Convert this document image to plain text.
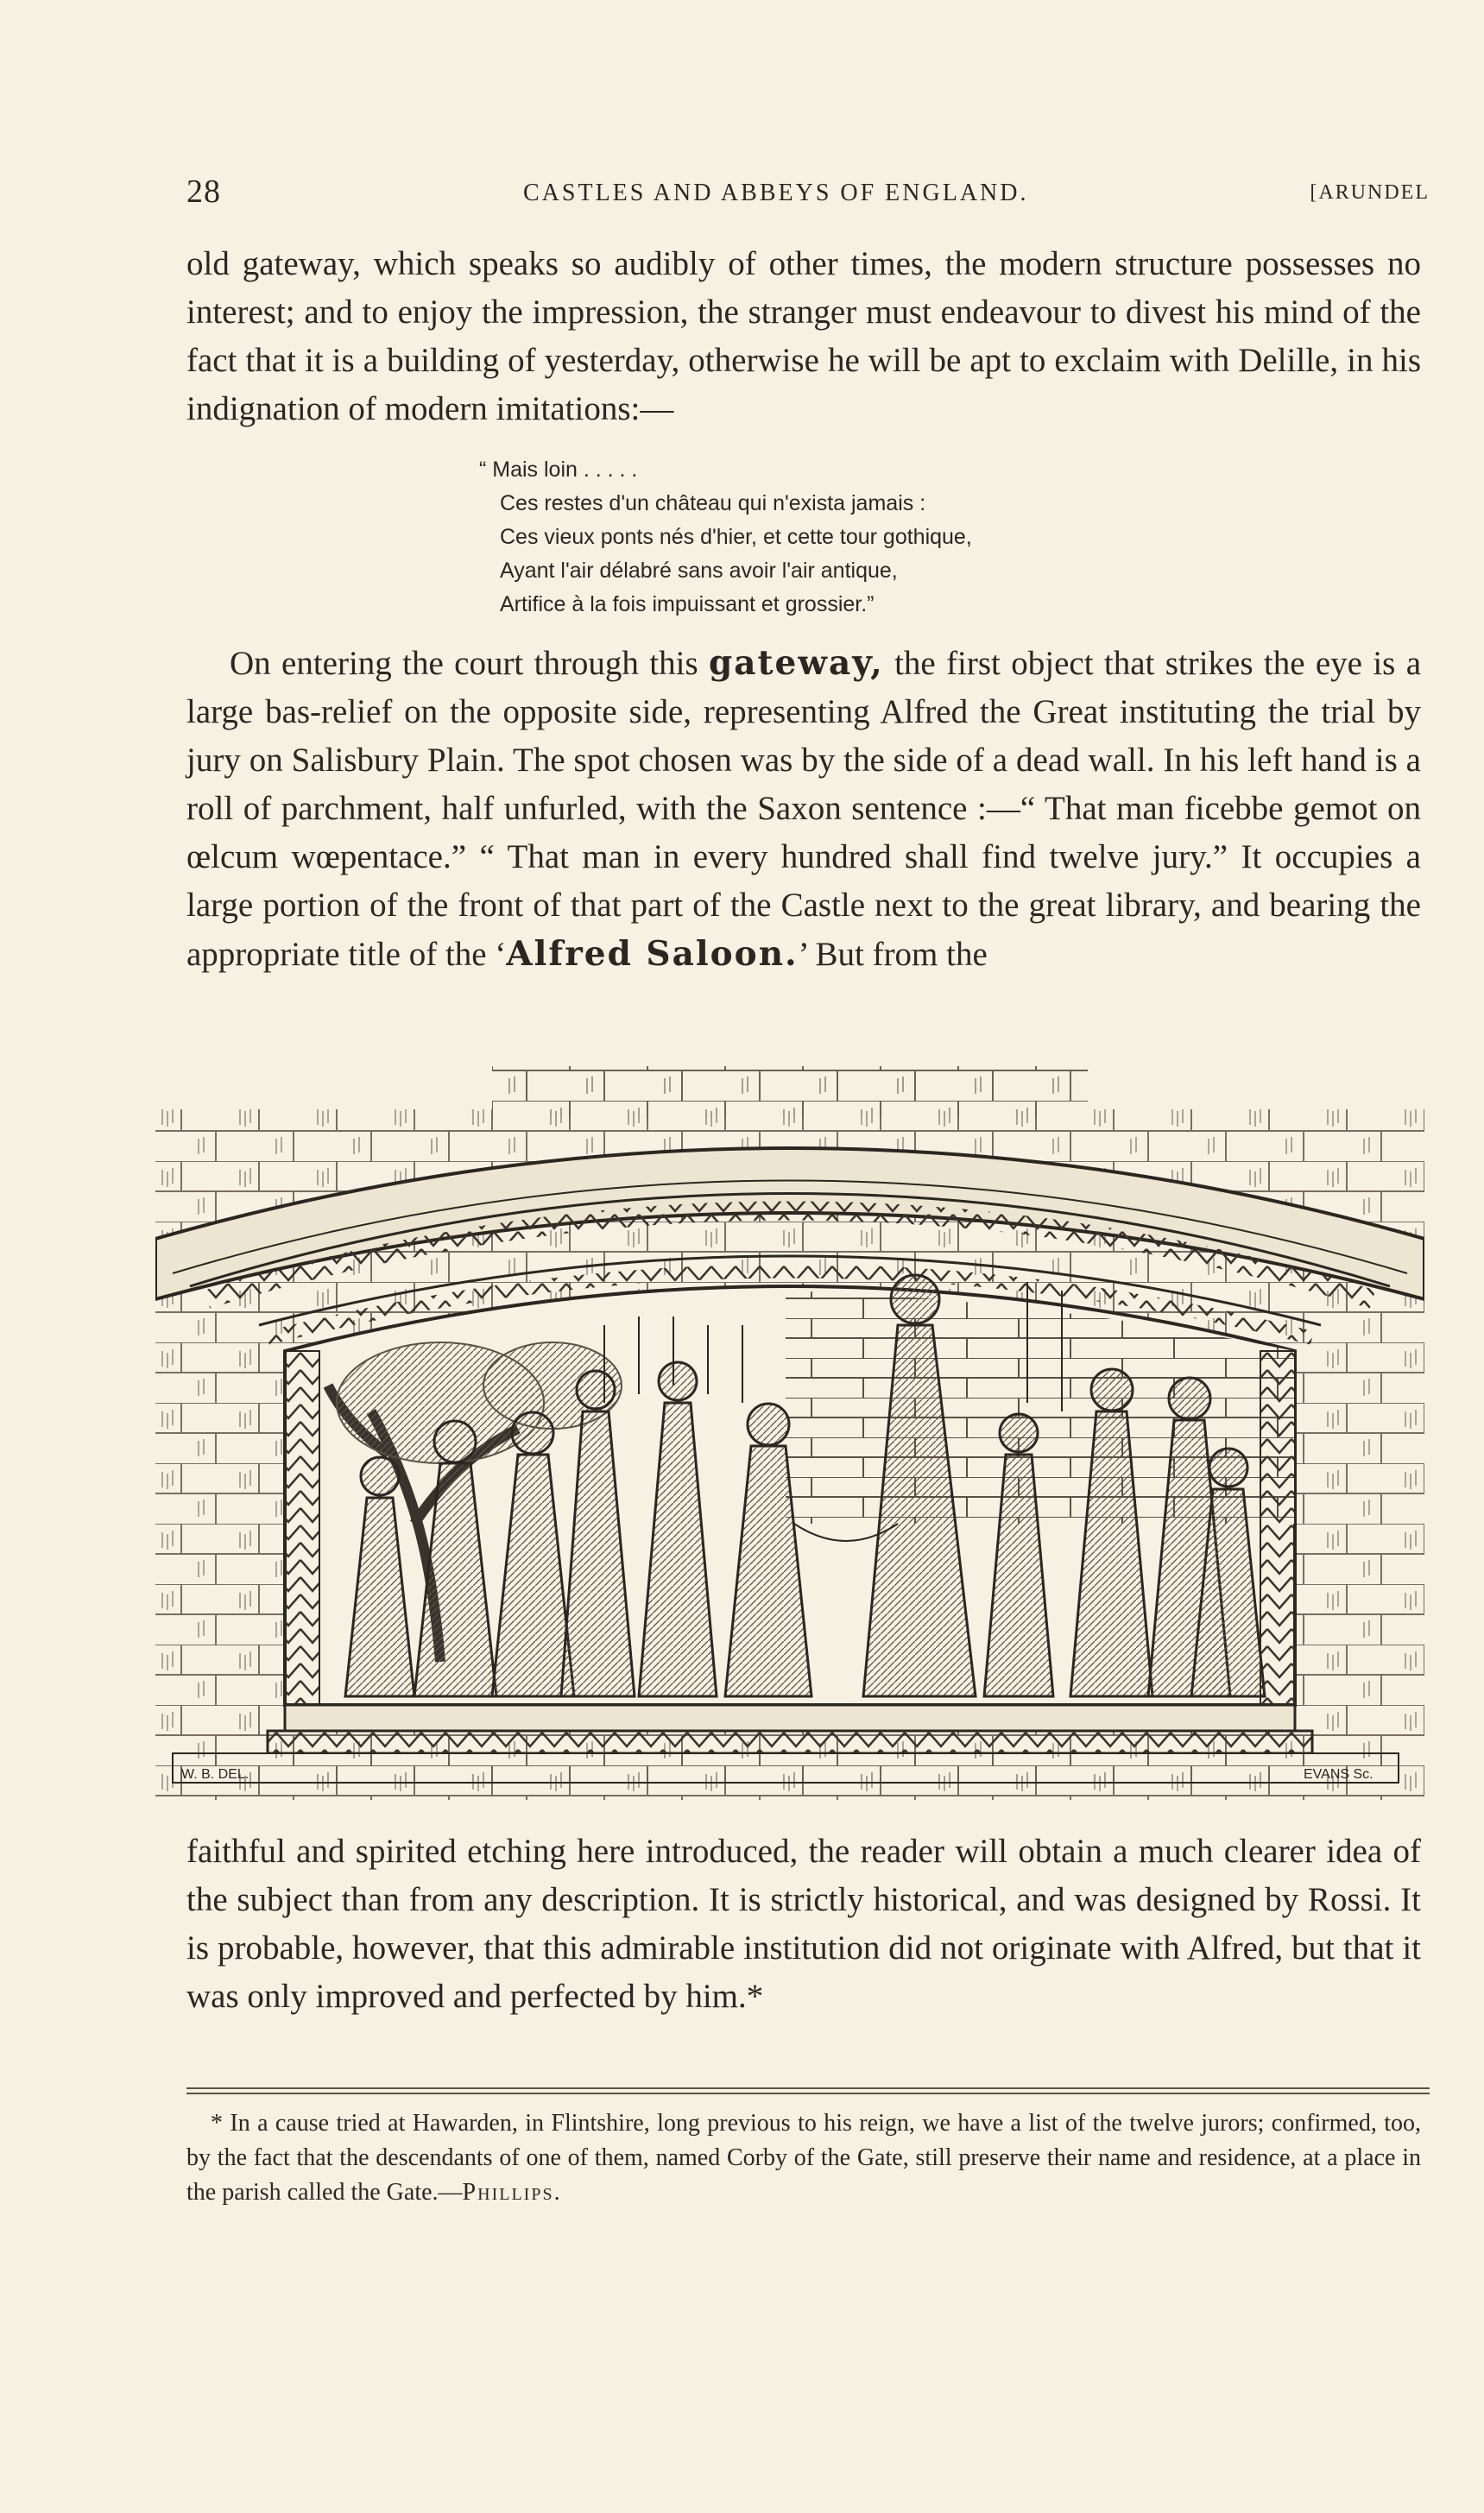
28	CASTLES AND ABBEYS OF ENGLAND.	[ARUNDEL

old gateway, which speaks so audibly of other times, the modern structure possesses no interest; and to enjoy the impression, the stranger must endeavour to divest his mind of the fact that it is a building of yesterday, otherwise he will be apt to exclaim with Delille, in his indignation of modern imitations:—

“ Mais loin . . . . .
Ces restes d'un château qui n'exista jamais :
Ces vieux ponts nés d'hier, et cette tour gothique,
Ayant l'air délabré sans avoir l'air antique,
Artifice à la fois impuissant et grossier.”

On entering the court through this gateway, the first object that strikes the eye is a large bas-relief on the opposite side, representing Alfred the Great instituting the trial by jury on Salisbury Plain. The spot chosen was by the side of a dead wall. In his left hand is a roll of parchment, half unfurled, with the Saxon sentence :—“ That man ficebbe gemot on œlcum wœpentace.” “ That man in every hundred shall find twelve jury.” It occupies a large portion of the front of that part of the Castle next to the great library, and bearing the appropriate title of the ‘Alfred Saloon.’ But from the

W. B. DEL.	EVANS Sc.

faithful and spirited etching here introduced, the reader will obtain a much clearer idea of the subject than from any description. It is strictly historical, and was designed by Rossi. It is probable, however, that this admirable institution did not originate with Alfred, but that it was only improved and perfected by him.*

* In a cause tried at Hawarden, in Flintshire, long previous to his reign, we have a list of the twelve jurors; confirmed, too, by the fact that the descendants of one of them, named Corby of the Gate, still preserve their name and residence, at a place in the parish called the Gate.—Phillips.
